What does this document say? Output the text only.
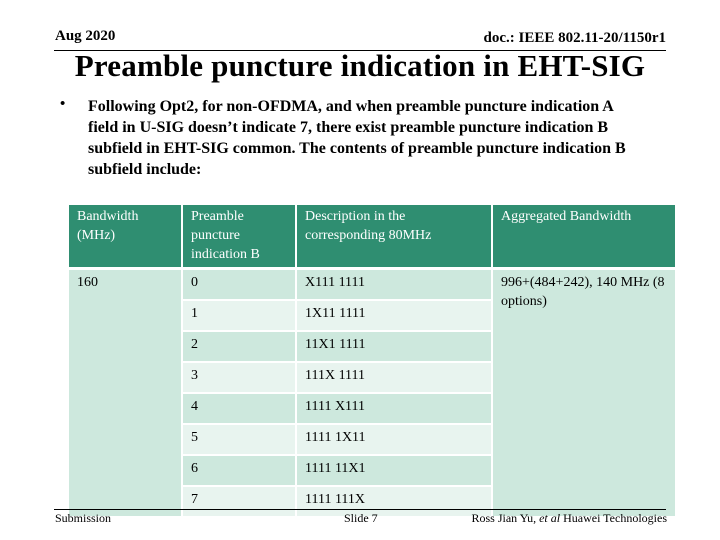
Aug 2020	doc.: IEEE 802.11-20/1150r1
Preamble puncture indication in EHT-SIG
• Following Opt2, for non-OFDMA, and when preamble puncture indication A field in U-SIG doesn’t indicate 7, there exist preamble puncture indication B subfield in EHT-SIG common. The contents of preamble puncture indication B subfield include:
Bandwidth (MHz)	Preamble puncture indication B	Description in the corresponding 80MHz	Aggregated Bandwidth
160	0	X111 1111	996+(484+242), 140 MHz (8 options)
	1	1X11 1111	
	2	11X1 1111	
	3	111X 1111	
	4	1111 X111	
	5	1111 1X11	
	6	1111 11X1	
	7	1111 111X	
Submission	Slide 7	Ross Jian Yu, et al Huawei Technologies
